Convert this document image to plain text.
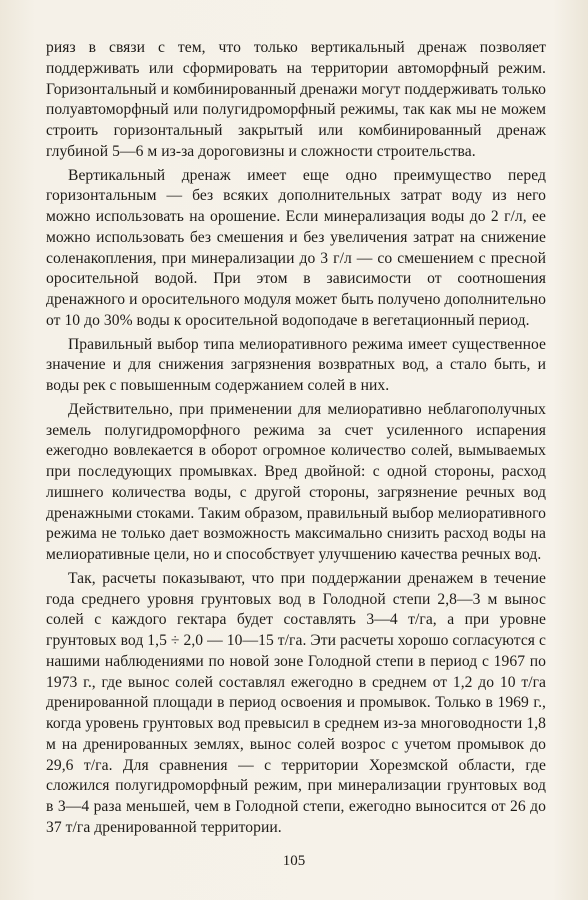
рияз в связи с тем, что только вертикальный дренаж позволяет поддерживать или сформировать на территории автоморфный режим. Горизонтальный и комбинированный дренажи могут поддерживать только полуавтоморфный или полугидроморфный режимы, так как мы не можем строить горизонтальный закрытый или комбинированный дренаж глубиной 5—6 м из-за дороговизны и сложности строительства.

Вертикальный дренаж имеет еще одно преимущество перед горизонтальным — без всяких дополнительных затрат воду из него можно использовать на орошение. Если минерализация воды до 2 г/л, ее можно использовать без смешения и без увеличения затрат на снижение соленакопления, при минерализации до 3 г/л — со смешением с пресной оросительной водой. При этом в зависимости от соотношения дренажного и оросительного модуля может быть получено дополнительно от 10 до 30% воды к оросительной водоподаче в вегетационный период.

Правильный выбор типа мелиоративного режима имеет существенное значение и для снижения загрязнения возвратных вод, а стало быть, и воды рек с повышенным содержанием солей в них.

Действительно, при применении для мелиоративно неблагополучных земель полугидроморфного режима за счет усиленного испарения ежегодно вовлекается в оборот огромное количество солей, вымываемых при последующих промывках. Вред двойной: с одной стороны, расход лишнего количества воды, с другой стороны, загрязнение речных вод дренажными стоками. Таким образом, правильный выбор мелиоративного режима не только дает возможность максимально снизить расход воды на мелиоративные цели, но и способствует улучшению качества речных вод.

Так, расчеты показывают, что при поддержании дренажем в течение года среднего уровня грунтовых вод в Голодной степи 2,8—3 м вынос солей с каждого гектара будет составлять 3—4 т/га, а при уровне грунтовых вод 1,5 ÷ 2,0 — 10—15 т/га. Эти расчеты хорошо согласуются с нашими наблюдениями по новой зоне Голодной степи в период с 1967 по 1973 г., где вынос солей составлял ежегодно в среднем от 1,2 до 10 т/га дренированной площади в период освоения и промывок. Только в 1969 г., когда уровень грунтовых вод превысил в среднем из-за многоводности 1,8 м на дренированных землях, вынос солей возрос с учетом промывок до 29,6 т/га. Для сравнения — с территории Хорезмской области, где сложился полугидроморфный режим, при минерализации грунтовых вод в 3—4 раза меньшей, чем в Голодной степи, ежегодно выносится от 26 до 37 т/га дренированной территории.

105
